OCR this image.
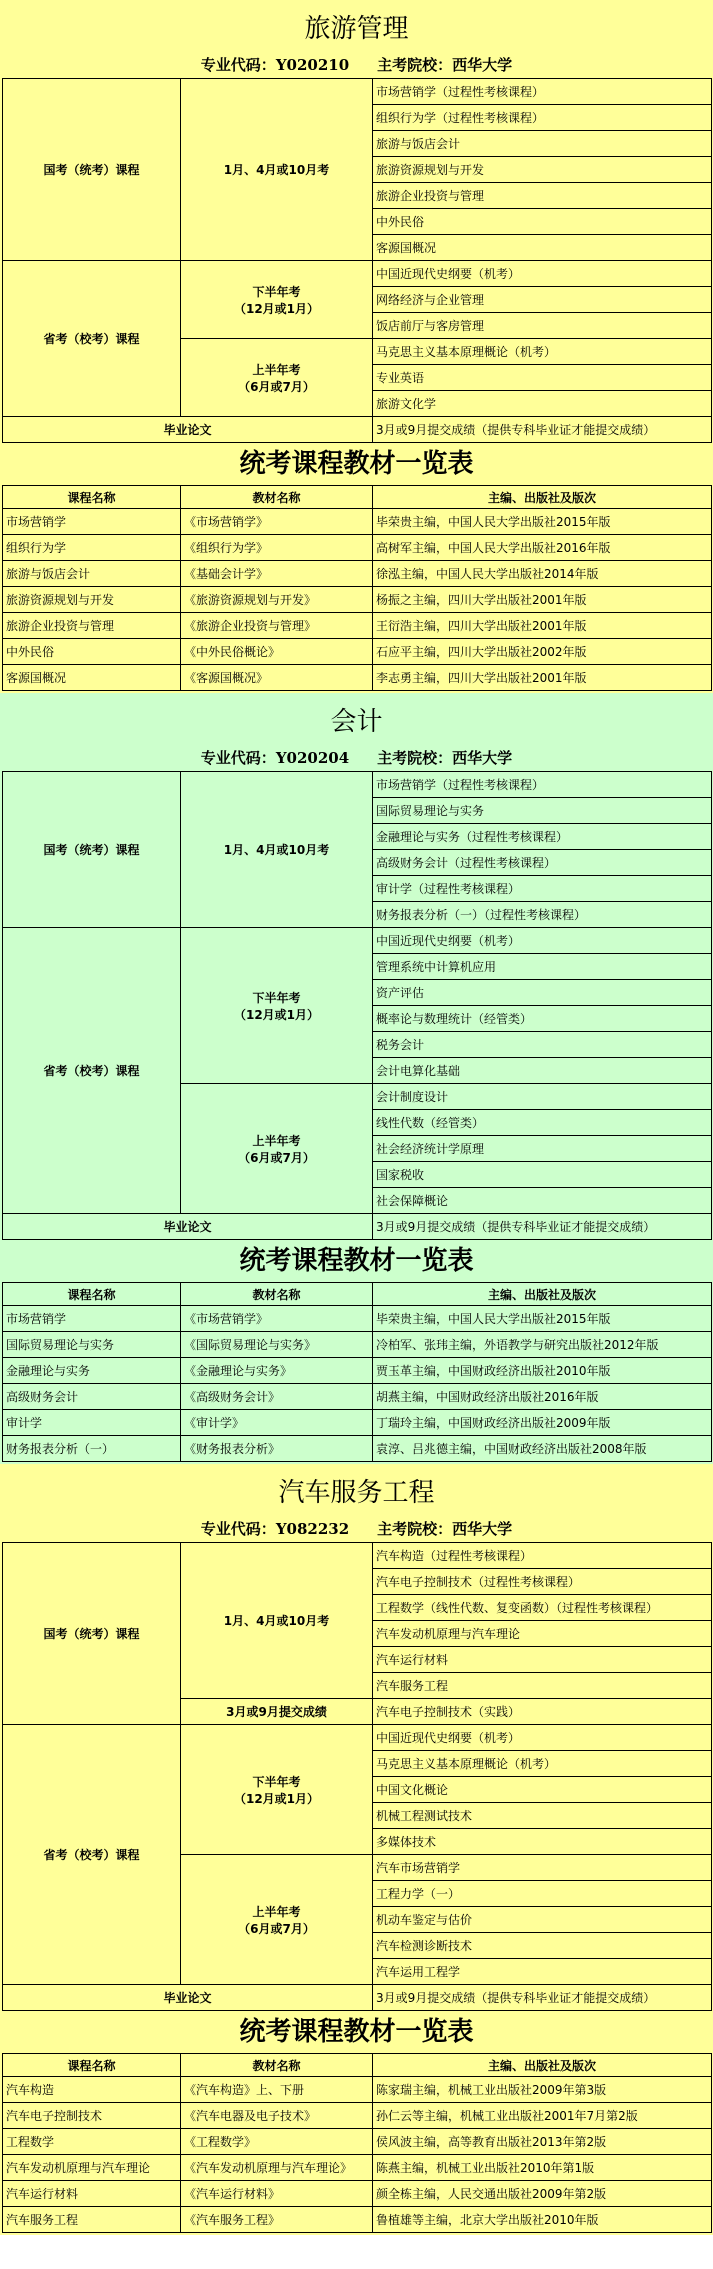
旅游管理
专业代码：Y020210 主考院校：西华大学
国考（统考）课程	1月、4月或10月考	市场营销学（过程性考核课程）
		组织行为学（过程性考核课程）
		旅游与饭店会计
		旅游资源规划与开发
		旅游企业投资与管理
		中外民俗
		客源国概况
省考（校考）课程	下半年考
（12月或1月）	中国近现代史纲要（机考）
		网络经济与企业管理
		饭店前厅与客房管理

	上半年考
（6月或7月）	马克思主义基本原理概论（机考）
		专业英语
		旅游文化学
毕业论文		3月或9月提交成绩（提供专科毕业证才能提交成绩）
统考课程教材一览表
课程名称	教材名称	主编、出版社及版次
市场营销学	《市场营销学》	毕荣贵主编，中国人民大学出版社2015年版
组织行为学	《组织行为学》	高树军主编，中国人民大学出版社2016年版
旅游与饭店会计	《基础会计学》	徐泓主编，中国人民大学出版社2014年版
旅游资源规划与开发	《旅游资源规划与开发》	杨振之主编，四川大学出版社2001年版
旅游企业投资与管理	《旅游企业投资与管理》	王衍浩主编，四川大学出版社2001年版
中外民俗	《中外民俗概论》	石应平主编，四川大学出版社2002年版
客源国概况	《客源国概况》	李志勇主编，四川大学出版社2001年版
会计
专业代码：Y020204 主考院校：西华大学
国考（统考）课程	1月、4月或10月考	市场营销学（过程性考核课程）
		国际贸易理论与实务
		金融理论与实务（过程性考核课程）
		高级财务会计（过程性考核课程）
		审计学（过程性考核课程）
		财务报表分析（一）（过程性考核课程）
省考（校考）课程	下半年考
（12月或1月）	中国近现代史纲要（机考）
		管理系统中计算机应用
		资产评估
		概率论与数理统计（经管类）
		税务会计
		会计电算化基础

	上半年考
（6月或7月）	会计制度设计
		线性代数（经管类）
		社会经济统计学原理
		国家税收
		社会保障概论
毕业论文		3月或9月提交成绩（提供专科毕业证才能提交成绩）
统考课程教材一览表
课程名称	教材名称	主编、出版社及版次
市场营销学	《市场营销学》	毕荣贵主编，中国人民大学出版社2015年版
国际贸易理论与实务	《国际贸易理论与实务》	冷柏军、张玮主编，外语教学与研究出版社2012年版
金融理论与实务	《金融理论与实务》	贾玉革主编，中国财政经济出版社2010年版
高级财务会计	《高级财务会计》	胡燕主编，中国财政经济出版社2016年版
审计学	《审计学》	丁瑞玲主编，中国财政经济出版社2009年版
财务报表分析（一）	《财务报表分析》	袁淳、吕兆德主编，中国财政经济出版社2008年版
汽车服务工程
专业代码：Y082232 主考院校：西华大学
国考（统考）课程	1月、4月或10月考	汽车构造（过程性考核课程）
		汽车电子控制技术（过程性考核课程）
		工程数学（线性代数、复变函数）（过程性考核课程）
		汽车发动机原理与汽车理论
		汽车运行材料
		汽车服务工程
	3月或9月提交成绩	汽车电子控制技术（实践）
省考（校考）课程	下半年考
（12月或1月）	中国近现代史纲要（机考）
		马克思主义基本原理概论（机考）
		中国文化概论
		机械工程测试技术
		多媒体技术

	上半年考
（6月或7月）	汽车市场营销学
		工程力学（一）
		机动车鉴定与估价
		汽车检测诊断技术
		汽车运用工程学
毕业论文		3月或9月提交成绩（提供专科毕业证才能提交成绩）
统考课程教材一览表
课程名称	教材名称	主编、出版社及版次
汽车构造	《汽车构造》上、下册	陈家瑞主编，机械工业出版社2009年第3版
汽车电子控制技术	《汽车电器及电子技术》	孙仁云等主编，机械工业出版社2001年7月第2版
工程数学	《工程数学》	侯风波主编，高等教育出版社2013年第2版
汽车发动机原理与汽车理论	《汽车发动机原理与汽车理论》	陈燕主编，机械工业出版社2010年第1版
汽车运行材料	《汽车运行材料》	颜全栋主编，人民交通出版社2009年第2版
汽车服务工程	《汽车服务工程》	鲁植雄等主编，北京大学出版社2010年版
